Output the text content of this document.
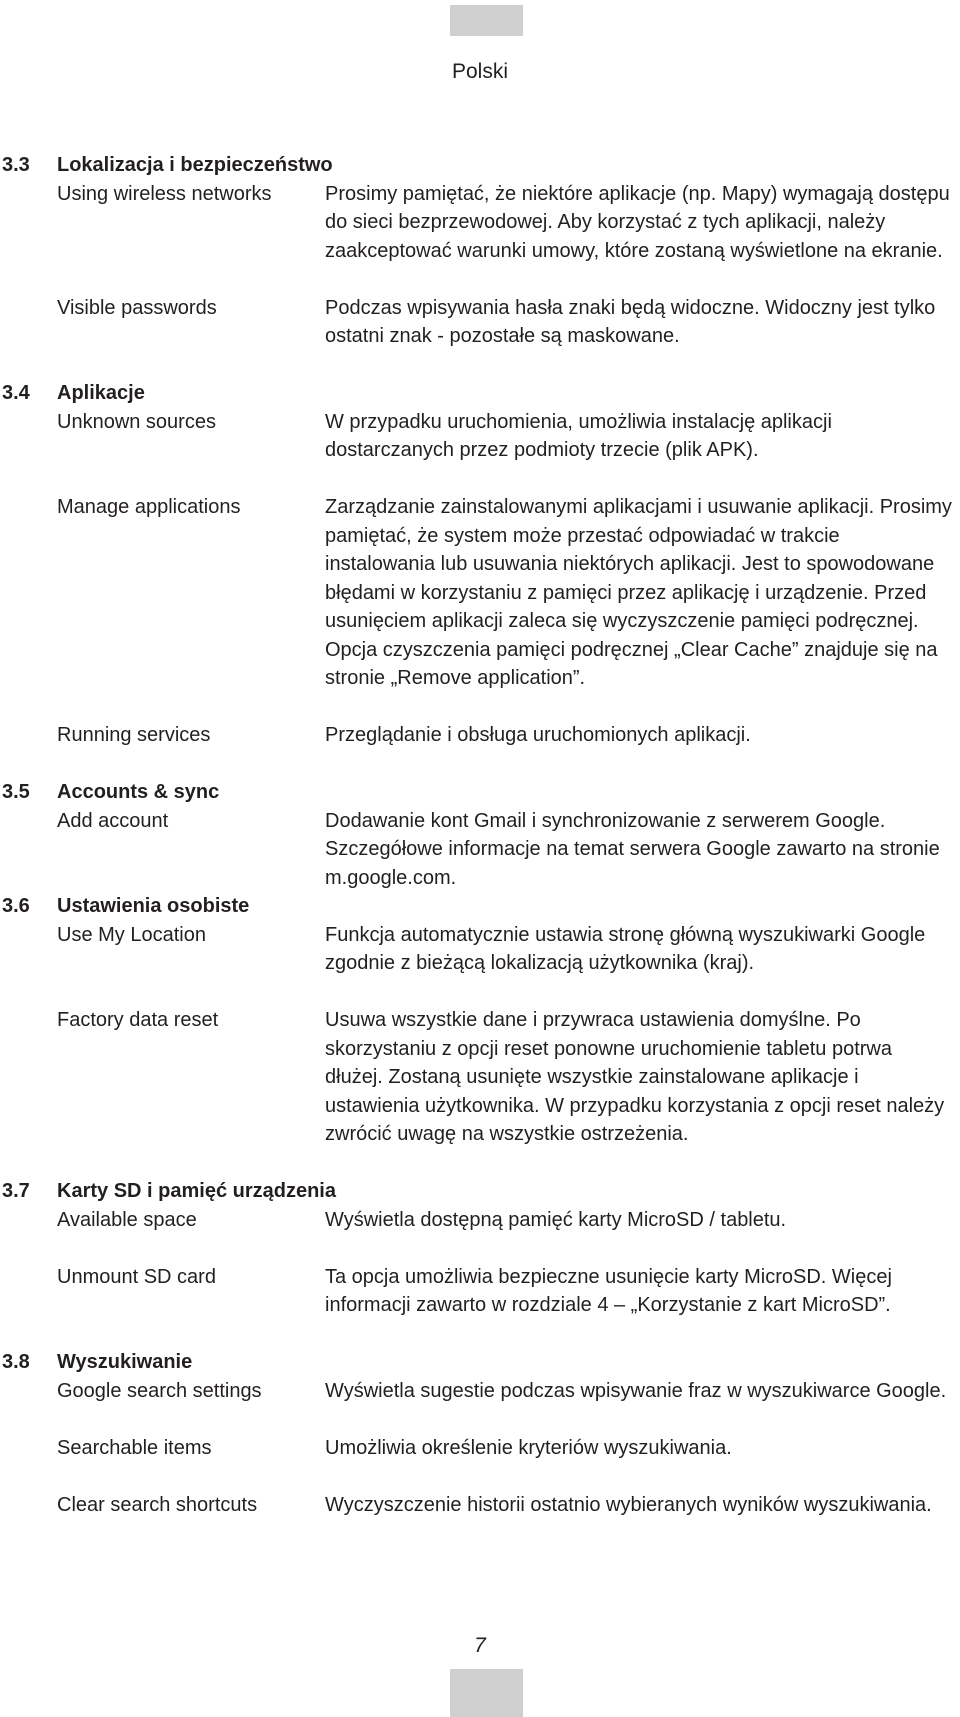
Polski
3.3	Lokalizacja i bezpieczeństwo
Using wireless networks	Prosimy pamiętać, że niektóre aplikacje (np. Mapy) wymagają dostępu do sieci bezprzewodowej. Aby korzystać z tych aplikacji, należy zaakceptować warunki umowy, które zostaną wyświetlone na ekranie.
Visible passwords	Podczas wpisywania hasła znaki będą widoczne. Widoczny jest tylko ostatni znak - pozostałe są maskowane.
3.4	Aplikacje
Unknown sources	W przypadku uruchomienia, umożliwia instalację aplikacji dostarczanych przez podmioty trzecie (plik APK).
Manage applications	Zarządzanie zainstalowanymi aplikacjami i usuwanie aplikacji. Prosimy pamiętać, że system może przestać odpowiadać w trakcie instalowania lub usuwania niektórych aplikacji. Jest to spowodowane błędami w korzystaniu z pamięci przez aplikację i urządzenie. Przed usunięciem aplikacji zaleca się wyczyszczenie pamięci podręcznej. Opcja czyszczenia pamięci podręcznej „Clear Cache” znajduje się na stronie „Remove application”.
Running services	Przeglądanie i obsługa uruchomionych aplikacji.
3.5	Accounts & sync
Add account	Dodawanie kont Gmail i synchronizowanie z serwerem Google. Szczegółowe informacje na temat serwera Google zawarto na stronie m.google.com.
3.6	Ustawienia osobiste
Use My Location	Funkcja automatycznie ustawia stronę główną wyszukiwarki Google zgodnie z bieżącą lokalizacją użytkownika (kraj).
Factory data reset	Usuwa wszystkie dane i przywraca ustawienia domyślne. Po skorzystaniu z opcji reset ponowne uruchomienie tabletu potrwa dłużej. Zostaną usunięte wszystkie zainstalowane aplikacje i ustawienia użytkownika. W przypadku korzystania z opcji reset należy zwrócić uwagę na wszystkie ostrzeżenia.
3.7	Karty SD i pamięć urządzenia
Available space	Wyświetla dostępną pamięć karty MicroSD / tabletu.
Unmount SD card	Ta opcja umożliwia bezpieczne usunięcie karty MicroSD. Więcej informacji zawarto w rozdziale 4 – „Korzystanie z kart MicroSD”.
3.8	Wyszukiwanie
Google search settings	Wyświetla sugestie podczas wpisywanie fraz w wyszukiwarce Google.
Searchable items	Umożliwia określenie kryteriów wyszukiwania.
Clear search shortcuts	Wyczyszczenie historii ostatnio wybieranych wyników wyszukiwania.
7
